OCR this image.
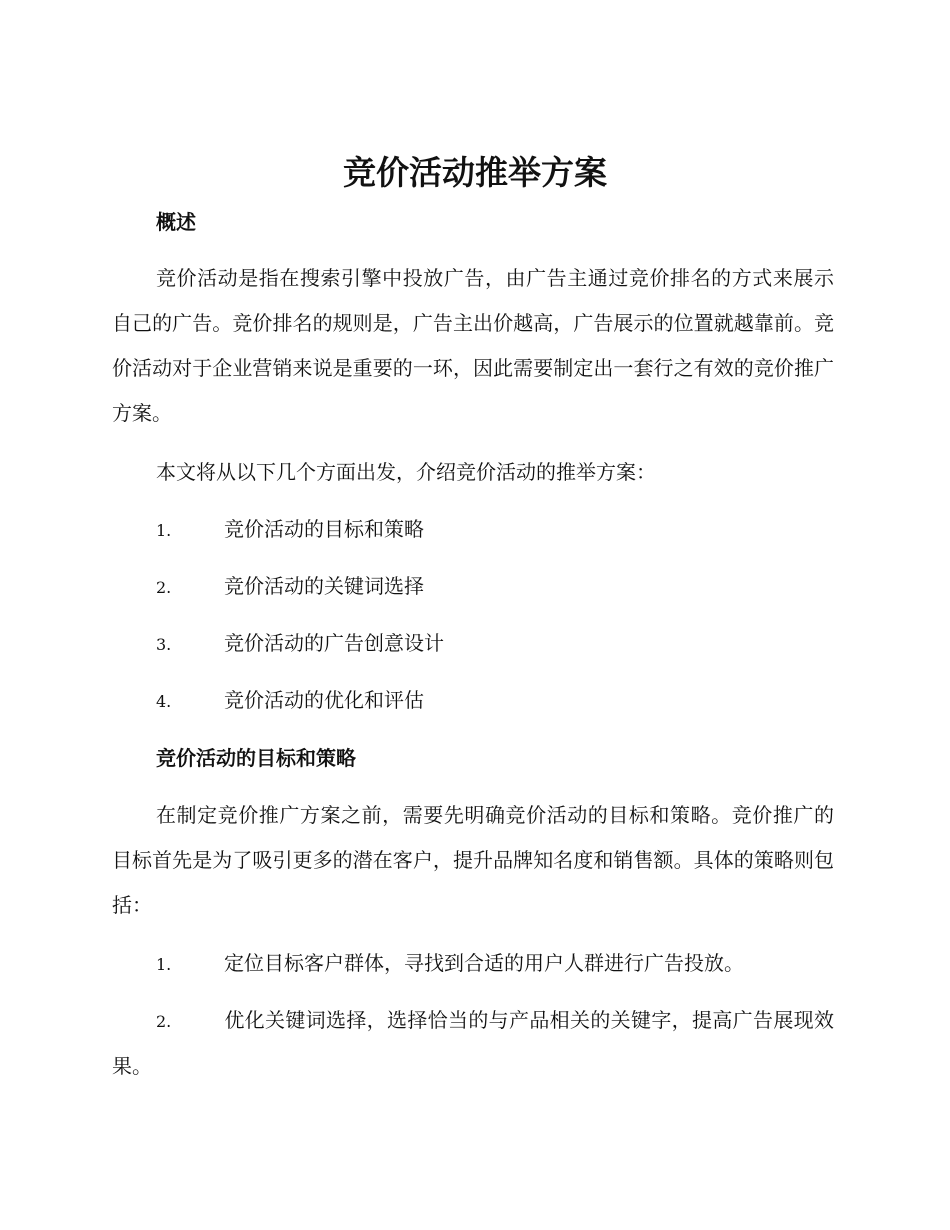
竞价活动推举方案
概述

竞价活动是指在搜索引擎中投放广告，由广告主通过竞价排名的方式来展示自己的广告。竞价排名的规则是，广告主出价越高，广告展示的位置就越靠前。竞价活动对于企业营销来说是重要的一环，因此需要制定出一套行之有效的竞价推广方案。

本文将从以下几个方面出发，介绍竞价活动的推举方案：

1.	竞价活动的目标和策略
2.	竞价活动的关键词选择
3.	竞价活动的广告创意设计
4.	竞价活动的优化和评估
竞价活动的目标和策略

在制定竞价推广方案之前，需要先明确竞价活动的目标和策略。竞价推广的目标首先是为了吸引更多的潜在客户，提升品牌知名度和销售额。具体的策略则包括：

1.	定位目标客户群体，寻找到合适的用户人群进行广告投放。
2.	优化关键词选择，选择恰当的与产品相关的关键字，提高广告展现效果。
